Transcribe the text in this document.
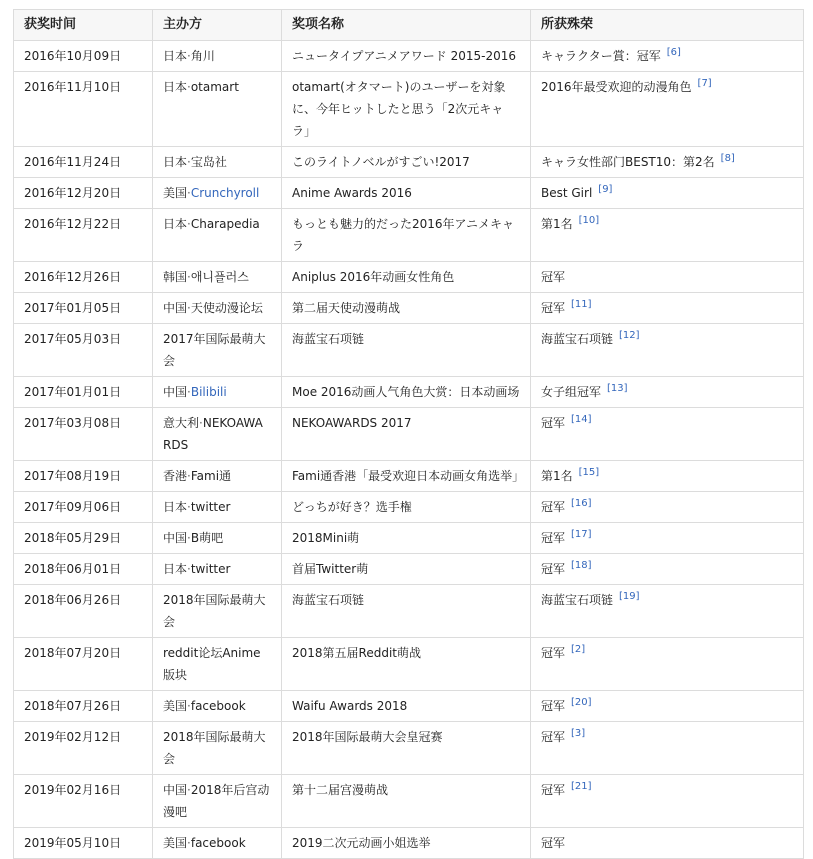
获奖时间	主办方	奖项名称	所获殊荣
2016年10月09日	日本·角川	ニュータイプアニメアワード 2015-2016	キャラクター賞：冠军 [6]
2016年11月10日	日本·otamart	otamart(オタマート)のユーザーを対象に、今年ヒットしたと思う「2次元キャラ」	2016年最受欢迎的动漫角色 [7]
2016年11月24日	日本·宝岛社	このライトノベルがすごい!2017	キャラ女性部门BEST10：第2名 [8]
2016年12月20日	美国·Crunchyroll	Anime Awards 2016	Best Girl [9]
2016年12月22日	日本·Charapedia	もっとも魅力的だった2016年アニメキャラ	第1名 [10]
2016年12月26日	韩国·애니플러스	Aniplus 2016年动画女性角色	冠军
2017年01月05日	中国·天使动漫论坛	第二届天使动漫萌战	冠军 [11]
2017年05月03日	2017年国际最萌大会	海蓝宝石项链	海蓝宝石项链 [12]
2017年01月01日	中国·Bilibili	Moe 2016动画人气角色大赏：日本动画场	女子组冠军 [13]
2017年03月08日	意大利·NEKOAWARDS	NEKOAWARDS 2017	冠军 [14]
2017年08月19日	香港·Fami通	Fami通香港「最受欢迎日本动画女角选举」	第1名 [15]
2017年09月06日	日本·twitter	どっちが好き？选手権	冠军 [16]
2018年05月29日	中国·B萌吧	2018Mini萌	冠军 [17]
2018年06月01日	日本·twitter	首届Twitter萌	冠军 [18]
2018年06月26日	2018年国际最萌大会	海蓝宝石项链	海蓝宝石项链 [19]
2018年07月20日	reddit论坛Anime版块	2018第五届Reddit萌战	冠军 [2]
2018年07月26日	美国·facebook	Waifu Awards 2018	冠军 [20]
2019年02月12日	2018年国际最萌大会	2018年国际最萌大会皇冠赛	冠军 [3]
2019年02月16日	中国·2018年后宫动漫吧	第十二届宫漫萌战	冠军 [21]
2019年05月10日	美国·facebook	2019二次元动画小姐选举	冠军
